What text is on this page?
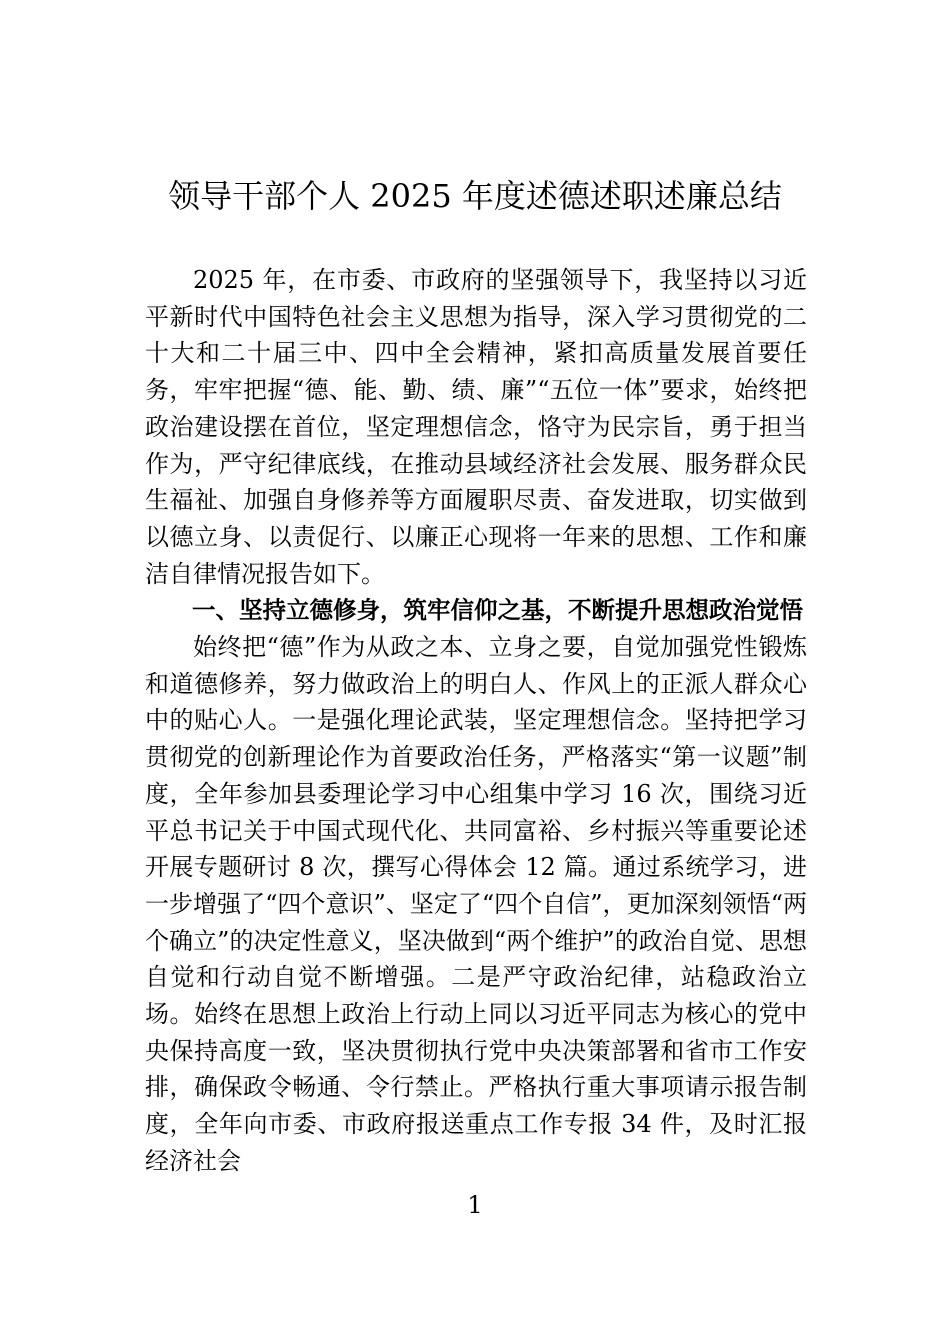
领导干部个人 2025 年度述德述职述廉总结

2025 年，在市委、市政府的坚强领导下，我坚持以习近平新时代中国特色社会主义思想为指导，深入学习贯彻党的二十大和二十届三中、四中全会精神，紧扣高质量发展首要任务，牢牢把握“德、能、勤、绩、廉”“五位一体”要求，始终把政治建设摆在首位，坚定理想信念，恪守为民宗旨，勇于担当作为，严守纪律底线，在推动县域经济社会发展、服务群众民生福祉、加强自身修养等方面履职尽责、奋发进取，切实做到以德立身、以责促行、以廉正心现将一年来的思想、工作和廉洁自律情况报告如下。

一、坚持立德修身，筑牢信仰之基，不断提升思想政治觉悟

始终把“德”作为从政之本、立身之要，自觉加强党性锻炼和道德修养，努力做政治上的明白人、作风上的正派人群众心中的贴心人。一是强化理论武装，坚定理想信念。坚持把学习贯彻党的创新理论作为首要政治任务，严格落实“第一议题”制度，全年参加县委理论学习中心组集中学习 16 次，围绕习近平总书记关于中国式现代化、共同富裕、乡村振兴等重要论述开展专题研讨 8 次，撰写心得体会 12 篇。通过系统学习，进一步增强了“四个意识”、坚定了“四个自信”，更加深刻领悟“两个确立”的决定性意义，坚决做到“两个维护”的政治自觉、思想自觉和行动自觉不断增强。二是严守政治纪律，站稳政治立场。始终在思想上政治上行动上同以习近平同志为核心的党中央保持高度一致，坚决贯彻执行党中央决策部署和省市工作安排，确保政令畅通、令行禁止。严格执行重大事项请示报告制度，全年向市委、市政府报送重点工作专报 34 件，及时汇报经济社会

1
